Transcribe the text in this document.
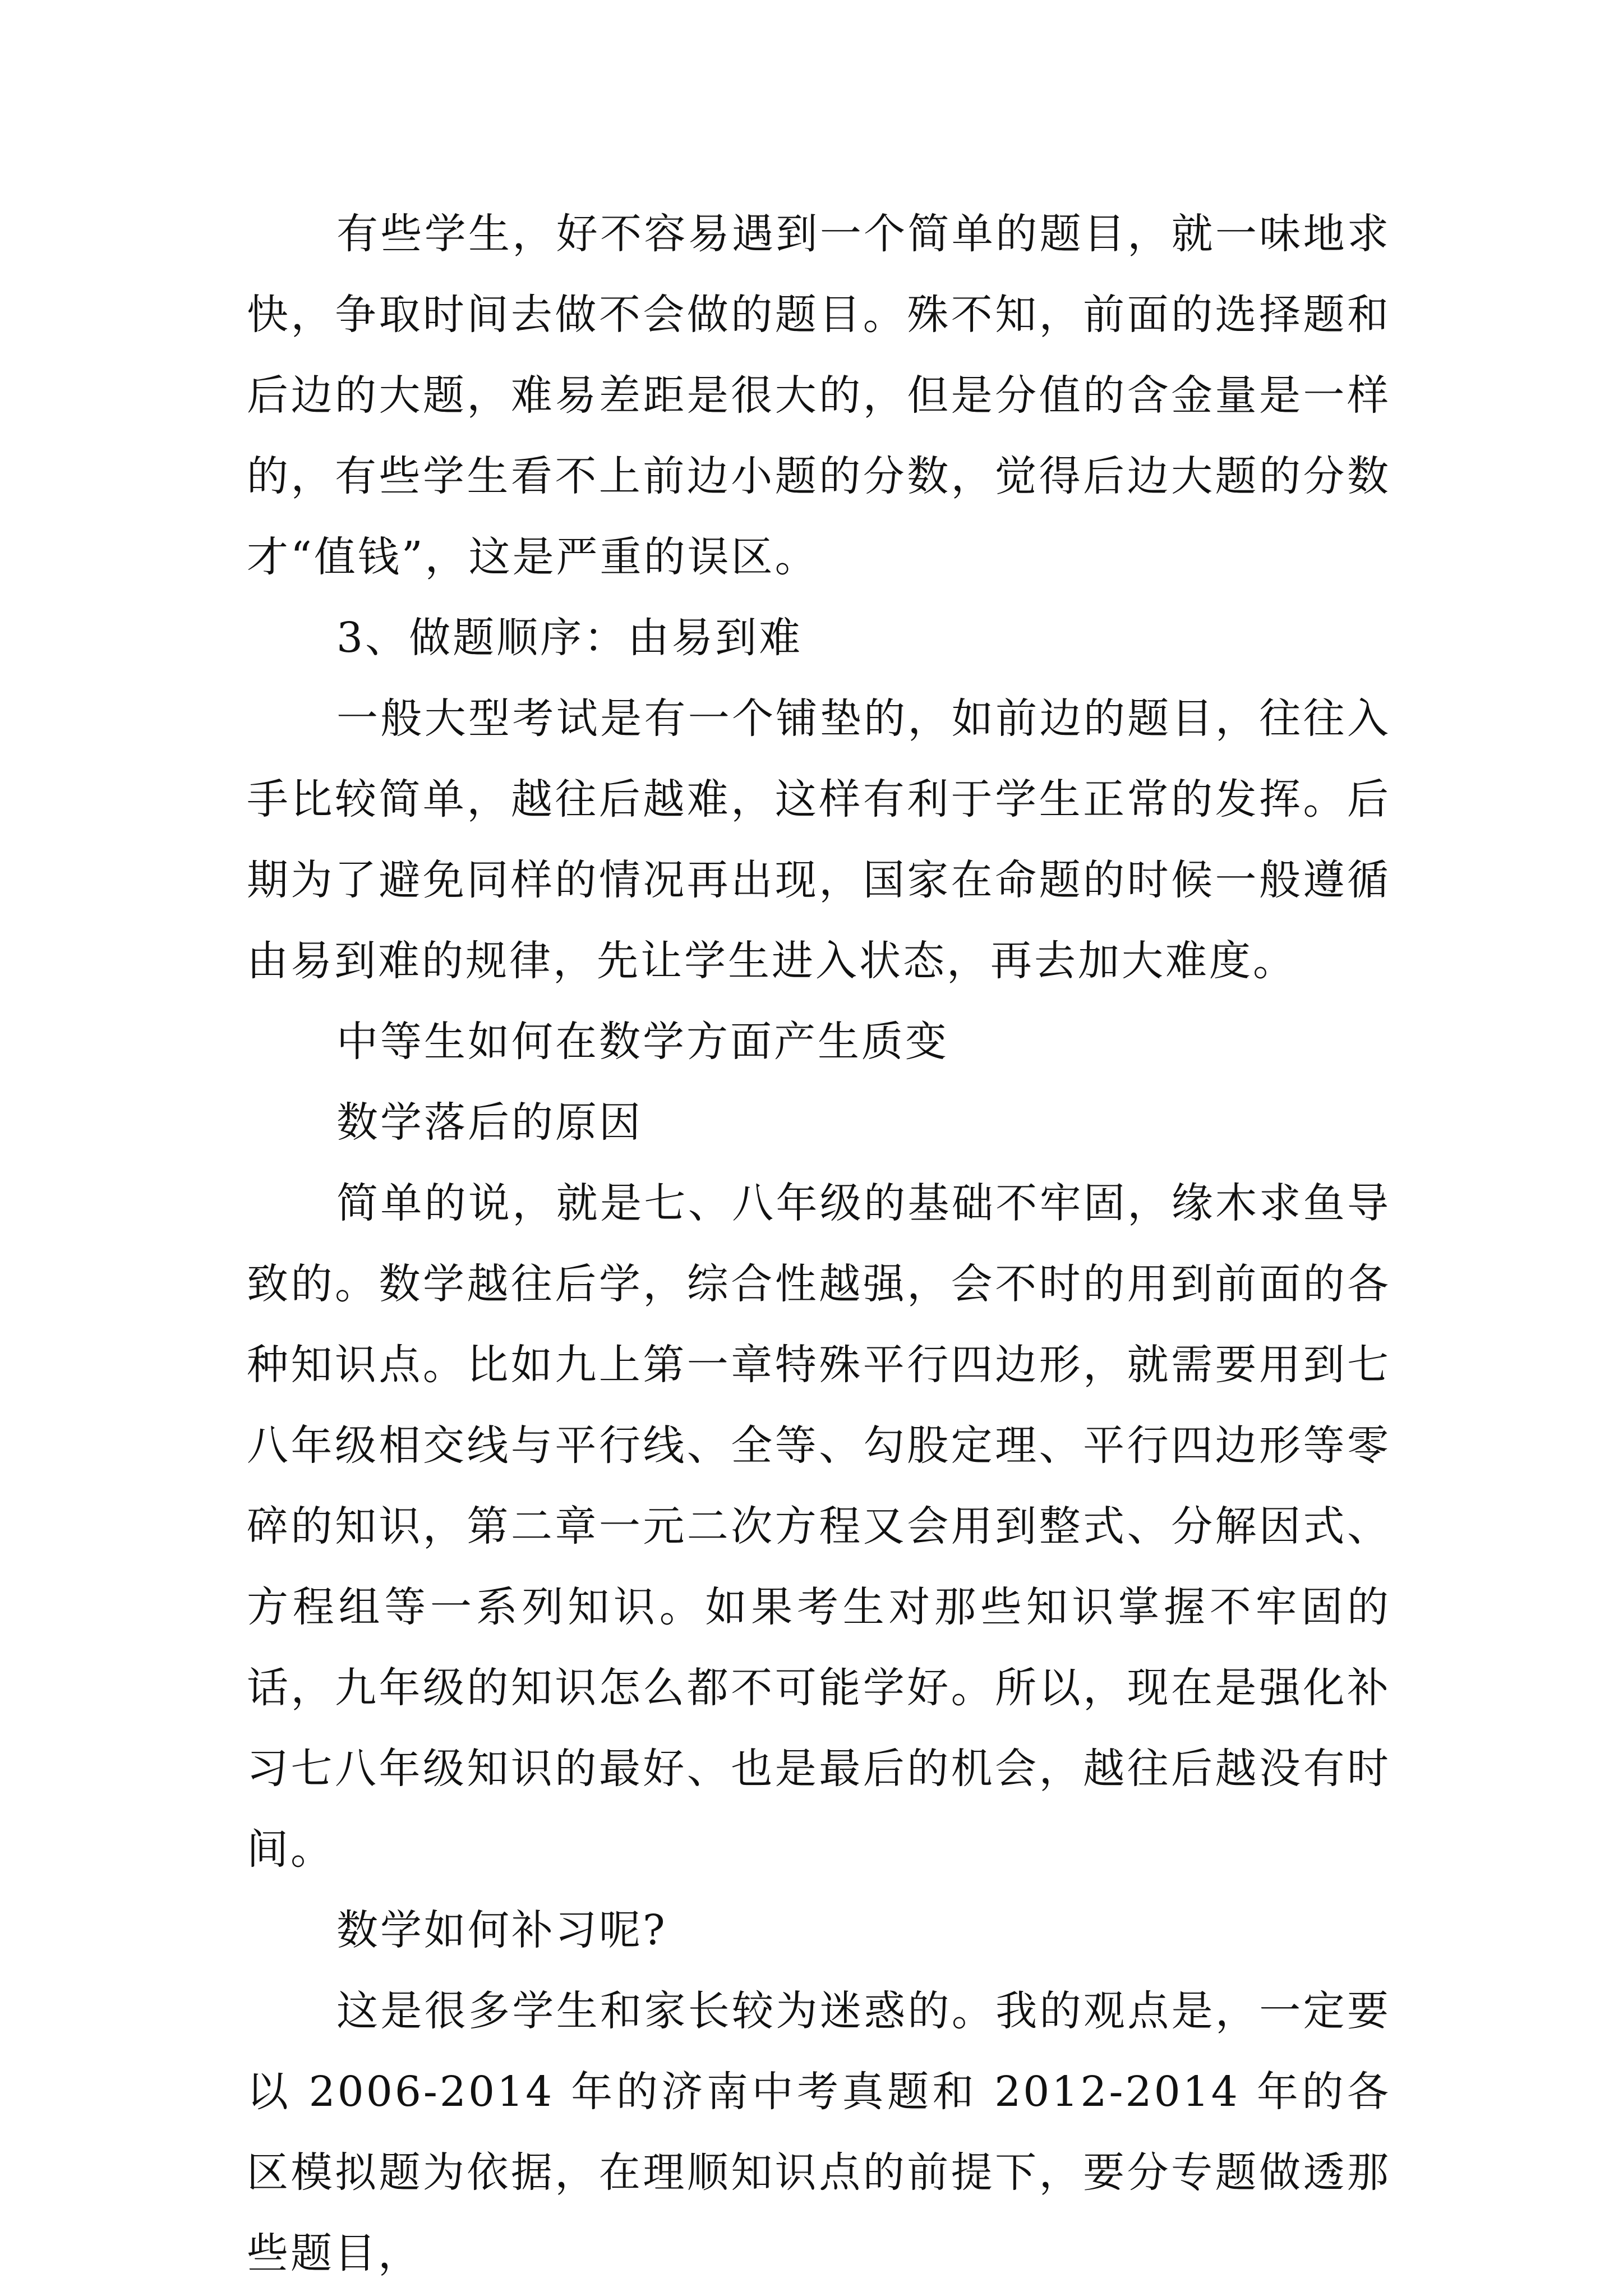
有些学生，好不容易遇到一个简单的题目，就一味地求快，争取时间去做不会做的题目。殊不知，前面的选择题和后边的大题，难易差距是很大的，但是分值的含金量是一样的，有些学生看不上前边小题的分数，觉得后边大题的分数才“值钱”，这是严重的误区。

3、做题顺序：由易到难

一般大型考试是有一个铺垫的，如前边的题目，往往入手比较简单，越往后越难，这样有利于学生正常的发挥。后期为了避免同样的情况再出现，国家在命题的时候一般遵循由易到难的规律，先让学生进入状态，再去加大难度。

中等生如何在数学方面产生质变

数学落后的原因

简单的说，就是七、八年级的基础不牢固，缘木求鱼导致的。数学越往后学，综合性越强，会不时的用到前面的各种知识点。比如九上第一章特殊平行四边形，就需要用到七八年级相交线与平行线、全等、勾股定理、平行四边形等零碎的知识，第二章一元二次方程又会用到整式、分解因式、方程组等一系列知识。如果考生对那些知识掌握不牢固的话，九年级的知识怎么都不可能学好。所以，现在是强化补习七八年级知识的最好、也是最后的机会，越往后越没有时间。

数学如何补习呢?

这是很多学生和家长较为迷惑的。我的观点是，一定要以 2006-2014 年的济南中考真题和 2012-2014 年的各区模拟题为依据，在理顺知识点的前提下，要分专题做透那些题目，
